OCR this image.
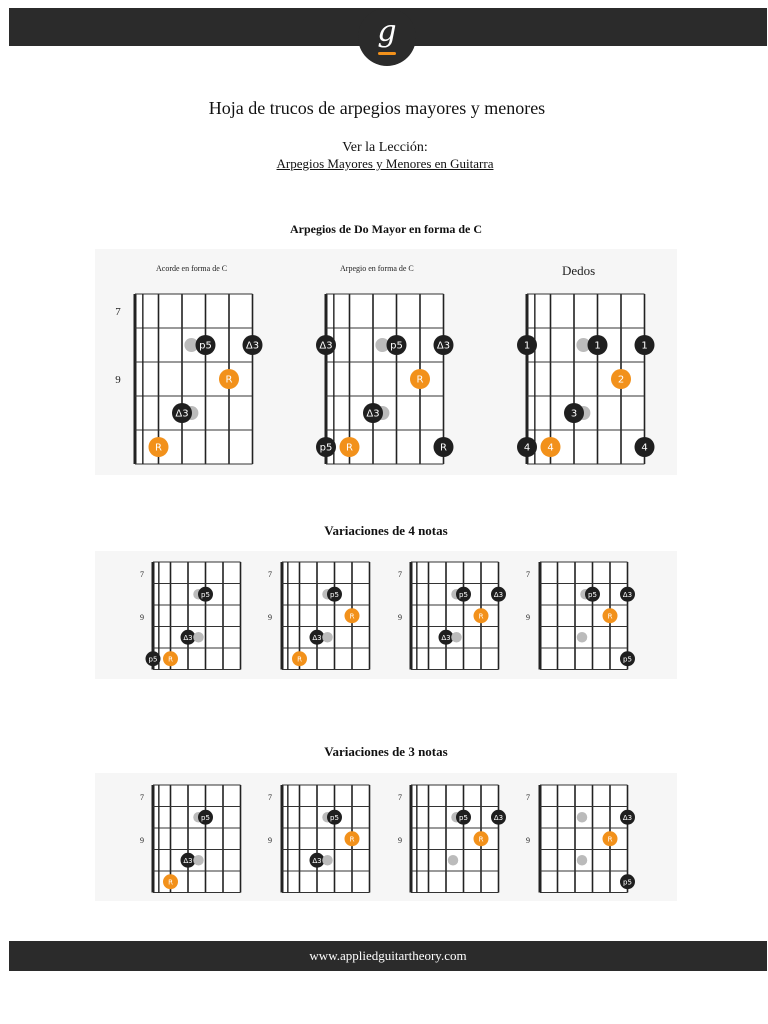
g
Hoja de trucos de arpegios mayores y menores
Ver la Lección:
Arpegios Mayores y Menores en Guitarra
Arpegios de Do Mayor en forma de C
Acorde en forma de C	Arpegio en forma de C	Dedos
7
9
p5	Δ3
R
Δ3
R
Δ3	p5	Δ3
R
Δ3
p5 R	R
1	1	1
2
3
4 4	4
7
9
p5
Δ3
p5 R
7
9
p5
R
Δ3
R
7
9
p5	Δ3
R
Δ3
7
9
p5	Δ3
R
p5
7
9
p5
Δ3
R
7
9
p5
R
Δ3
7
9
p5	Δ3
R
7
9
Δ3
R
p5
Variaciones de 4 notas
Variaciones de 3 notas
www.appliedguitartheory.com
